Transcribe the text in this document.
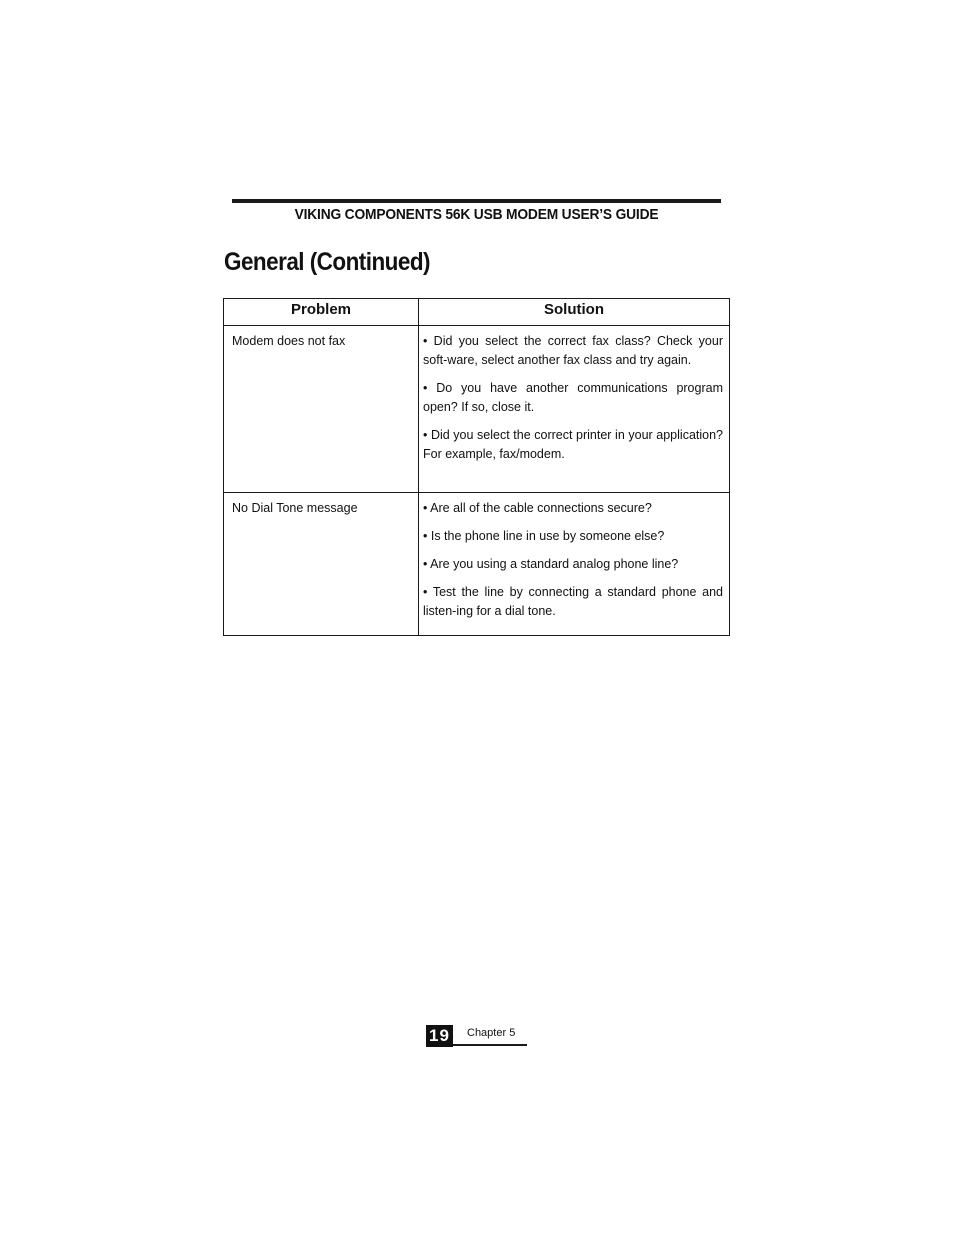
VIKING COMPONENTS 56K USB MODEM USER’S GUIDE
General (Continued)
Problem	Solution
Modem does not fax	• Did you select the correct fax class? Check your soft-ware, select another fax class and try again.
• Do you have another communications program open? If so, close it.
• Did you select the correct printer in your application? For example, fax/modem.

No Dial Tone message	• Are all of the cable connections secure?
• Is the phone line in use by someone else?
• Are you using a standard analog phone line?
• Test the line by connecting a standard phone and listen-ing for a dial tone.
19 Chapter 5
